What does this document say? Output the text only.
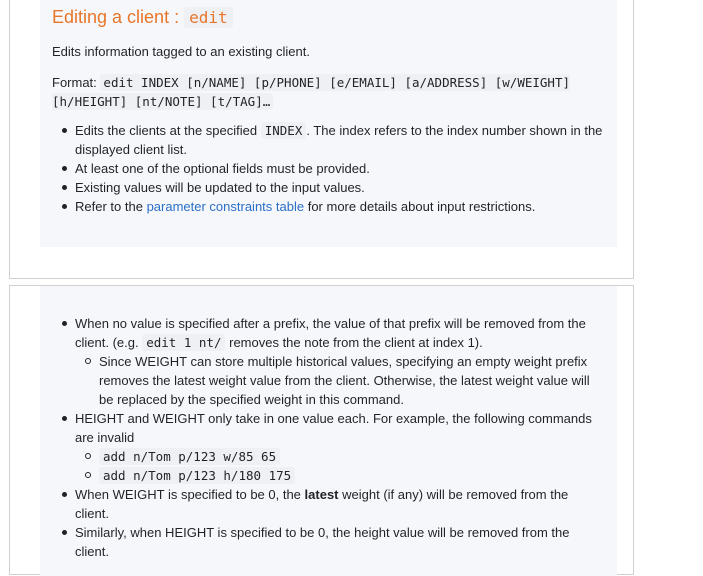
Editing a client : edit

Edits information tagged to an existing client.

Format: edit INDEX [n/NAME] [p/PHONE] [e/EMAIL] [a/ADDRESS] [w/WEIGHT] [h/HEIGHT] [nt/NOTE] [t/TAG]…

Edits the clients at the specified INDEX . The index refers to the index number shown in the displayed client list.
At least one of the optional fields must be provided.
Existing values will be updated to the input values.
Refer to the parameter constraints table for more details about input restrictions.
When no value is specified after a prefix, the value of that prefix will be removed from the client. (e.g. edit 1 nt/ removes the note from the client at index 1).
Since WEIGHT can store multiple historical values, specifying an empty weight prefix removes the latest weight value from the client. Otherwise, the latest weight value will be replaced by the specified weight in this command.
HEIGHT and WEIGHT only take in one value each. For example, the following commands are invalid
add n/Tom p/123 w/85 65
add n/Tom p/123 h/180 175
When WEIGHT is specified to be 0, the latest weight (if any) will be removed from the client.
Similarly, when HEIGHT is specified to be 0, the height value will be removed from the client.
